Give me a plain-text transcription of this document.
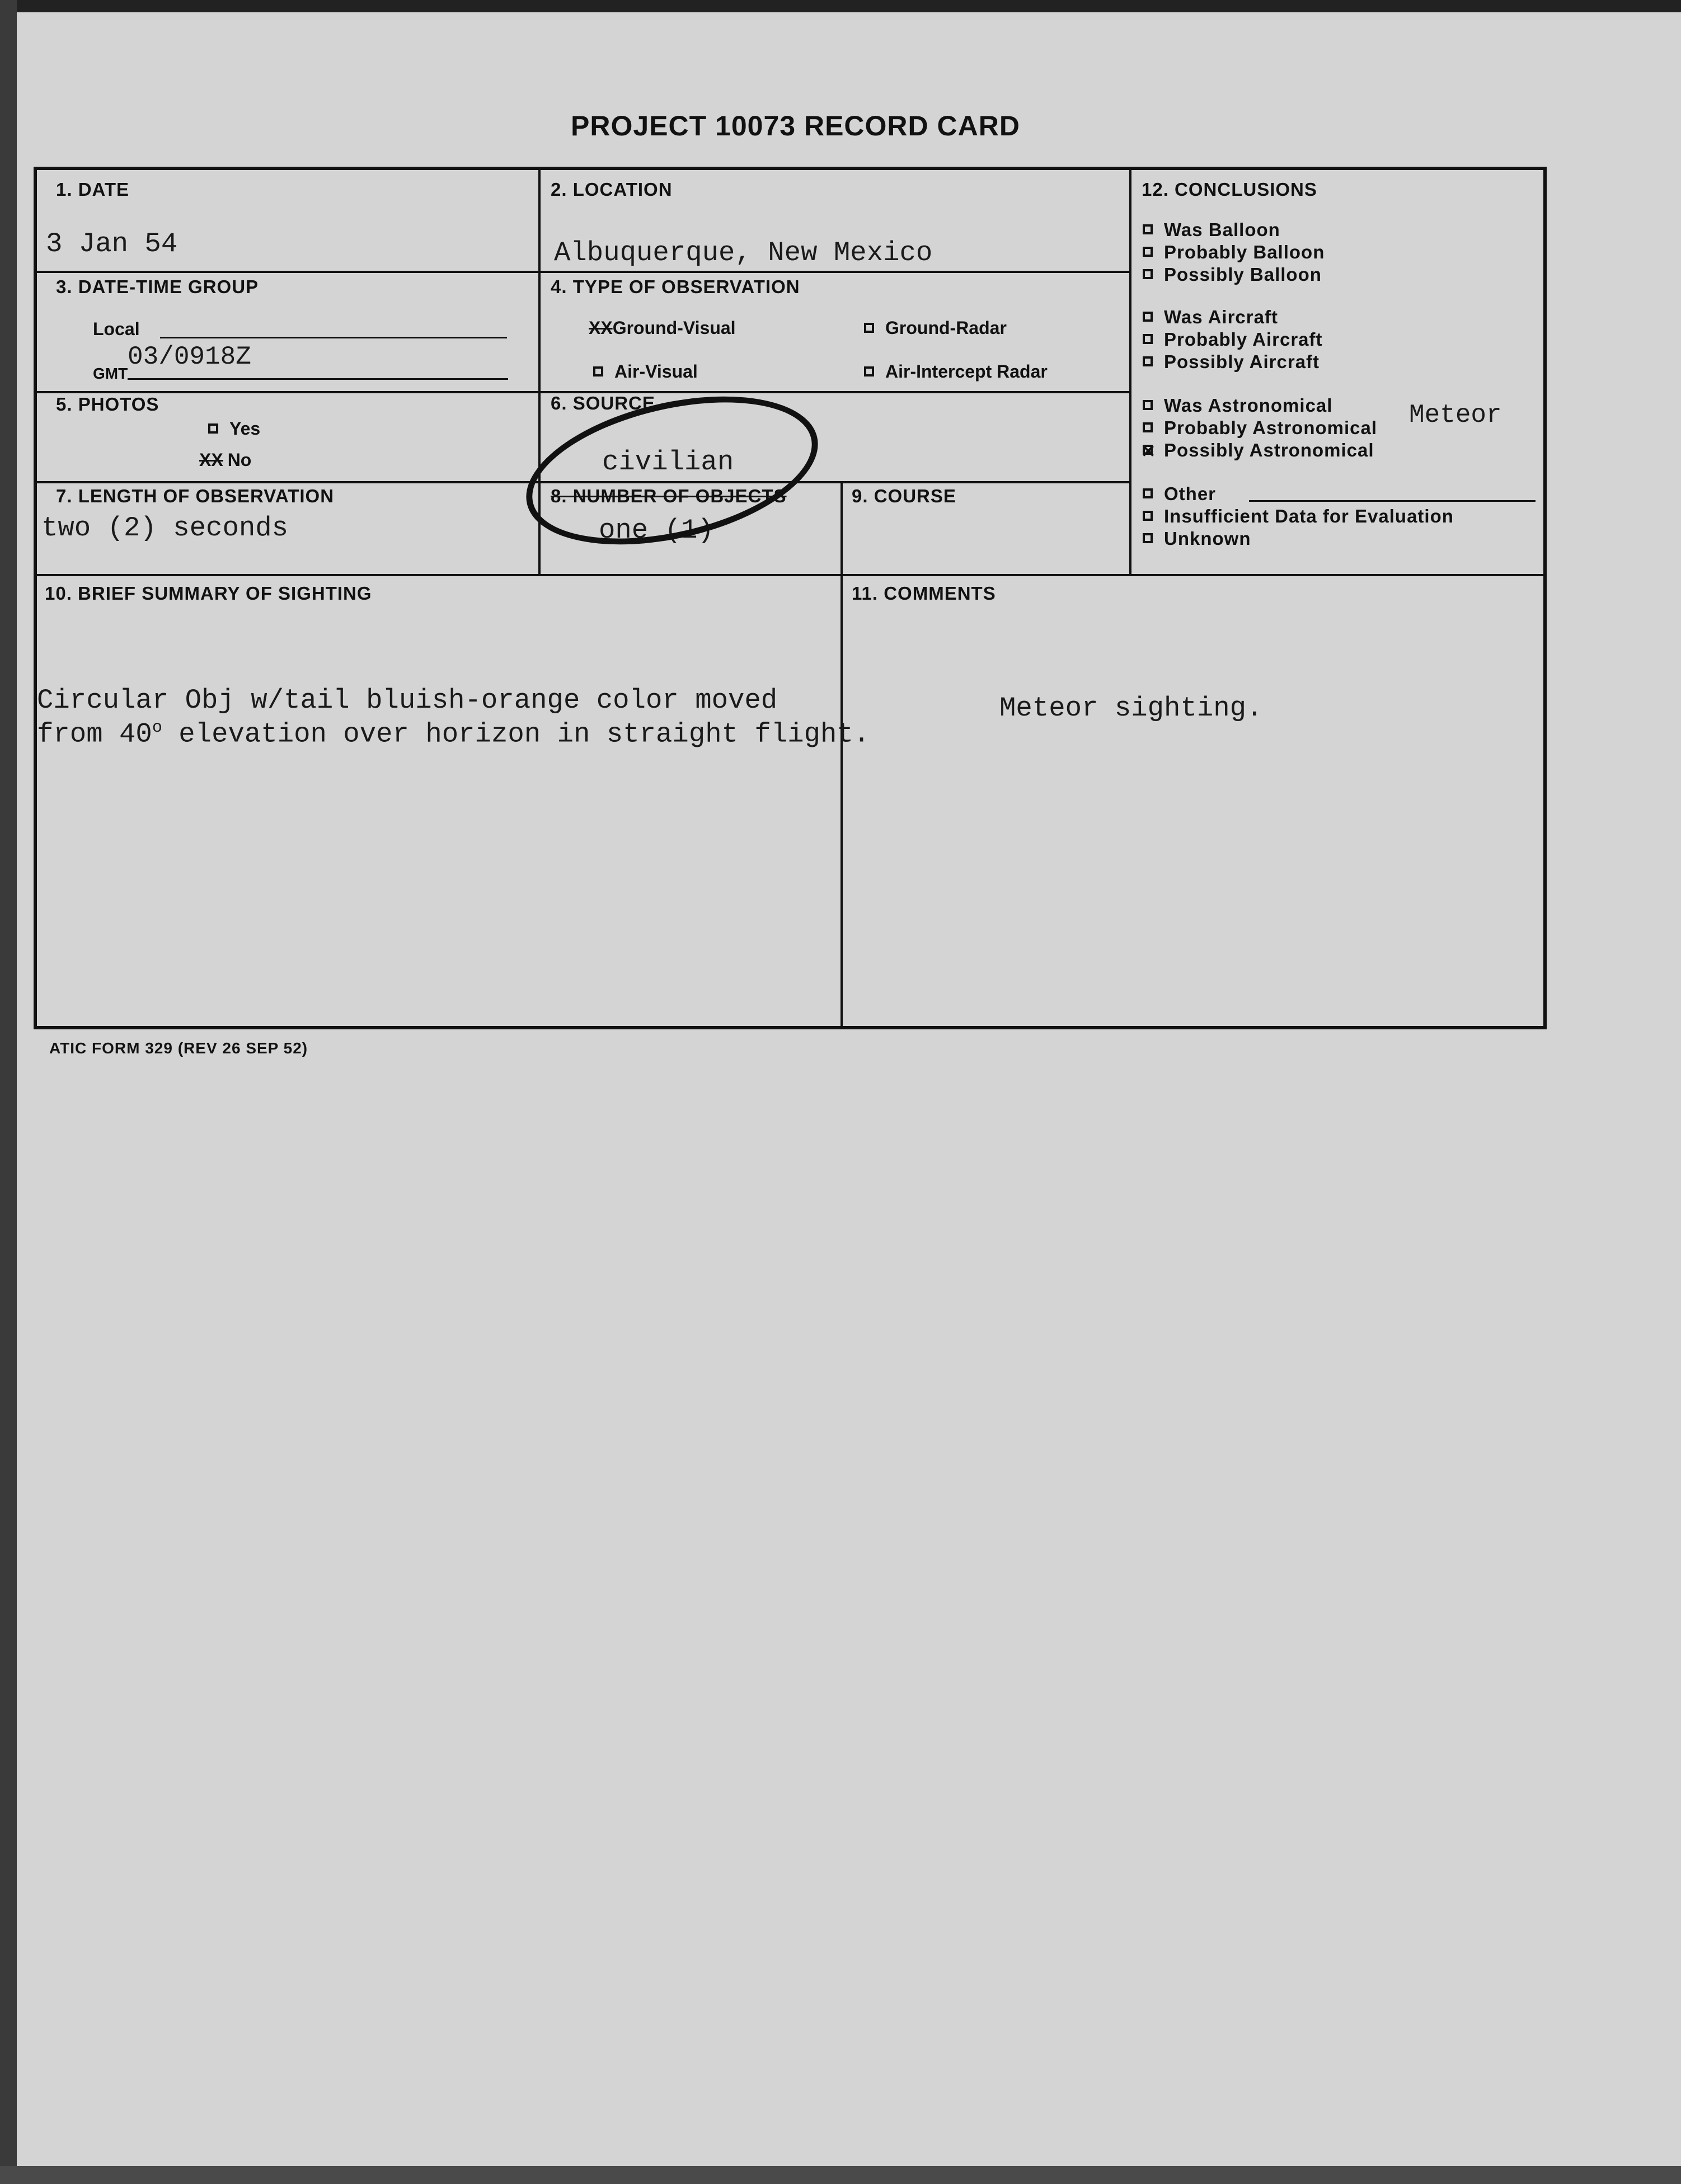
PROJECT 10073 RECORD CARD
1. DATE
3 Jan 54
2. LOCATION
Albuquerque, New Mexico
3. DATE-TIME GROUP
Local
GMT
03/0918Z
4. TYPE OF OBSERVATION
XXGround-Visual	Ground-Radar
Air-Visual	Air-Intercept Radar
5. PHOTOS
Yes
XX No
6. SOURCE
civilian
7. LENGTH OF OBSERVATION
two (2) seconds
8. NUMBER OF OBJECTS
one (1)
9. COURSE
10. BRIEF SUMMARY OF SIGHTING
Circular Obj w/tail bluish-orange color moved
from 40$^o$ elevation over horizon in straight flight.
11. COMMENTS
Meteor sighting.
12. CONCLUSIONS
Was Balloon
Probably Balloon
Possibly Balloon
Was Aircraft
Probably Aircraft
Possibly Aircraft
Was Astronomical
Probably Astronomical
Possibly Astronomical
Meteor
Other
Insufficient Data for Evaluation
Unknown
ATIC FORM 329 (REV 26 SEP 52)
